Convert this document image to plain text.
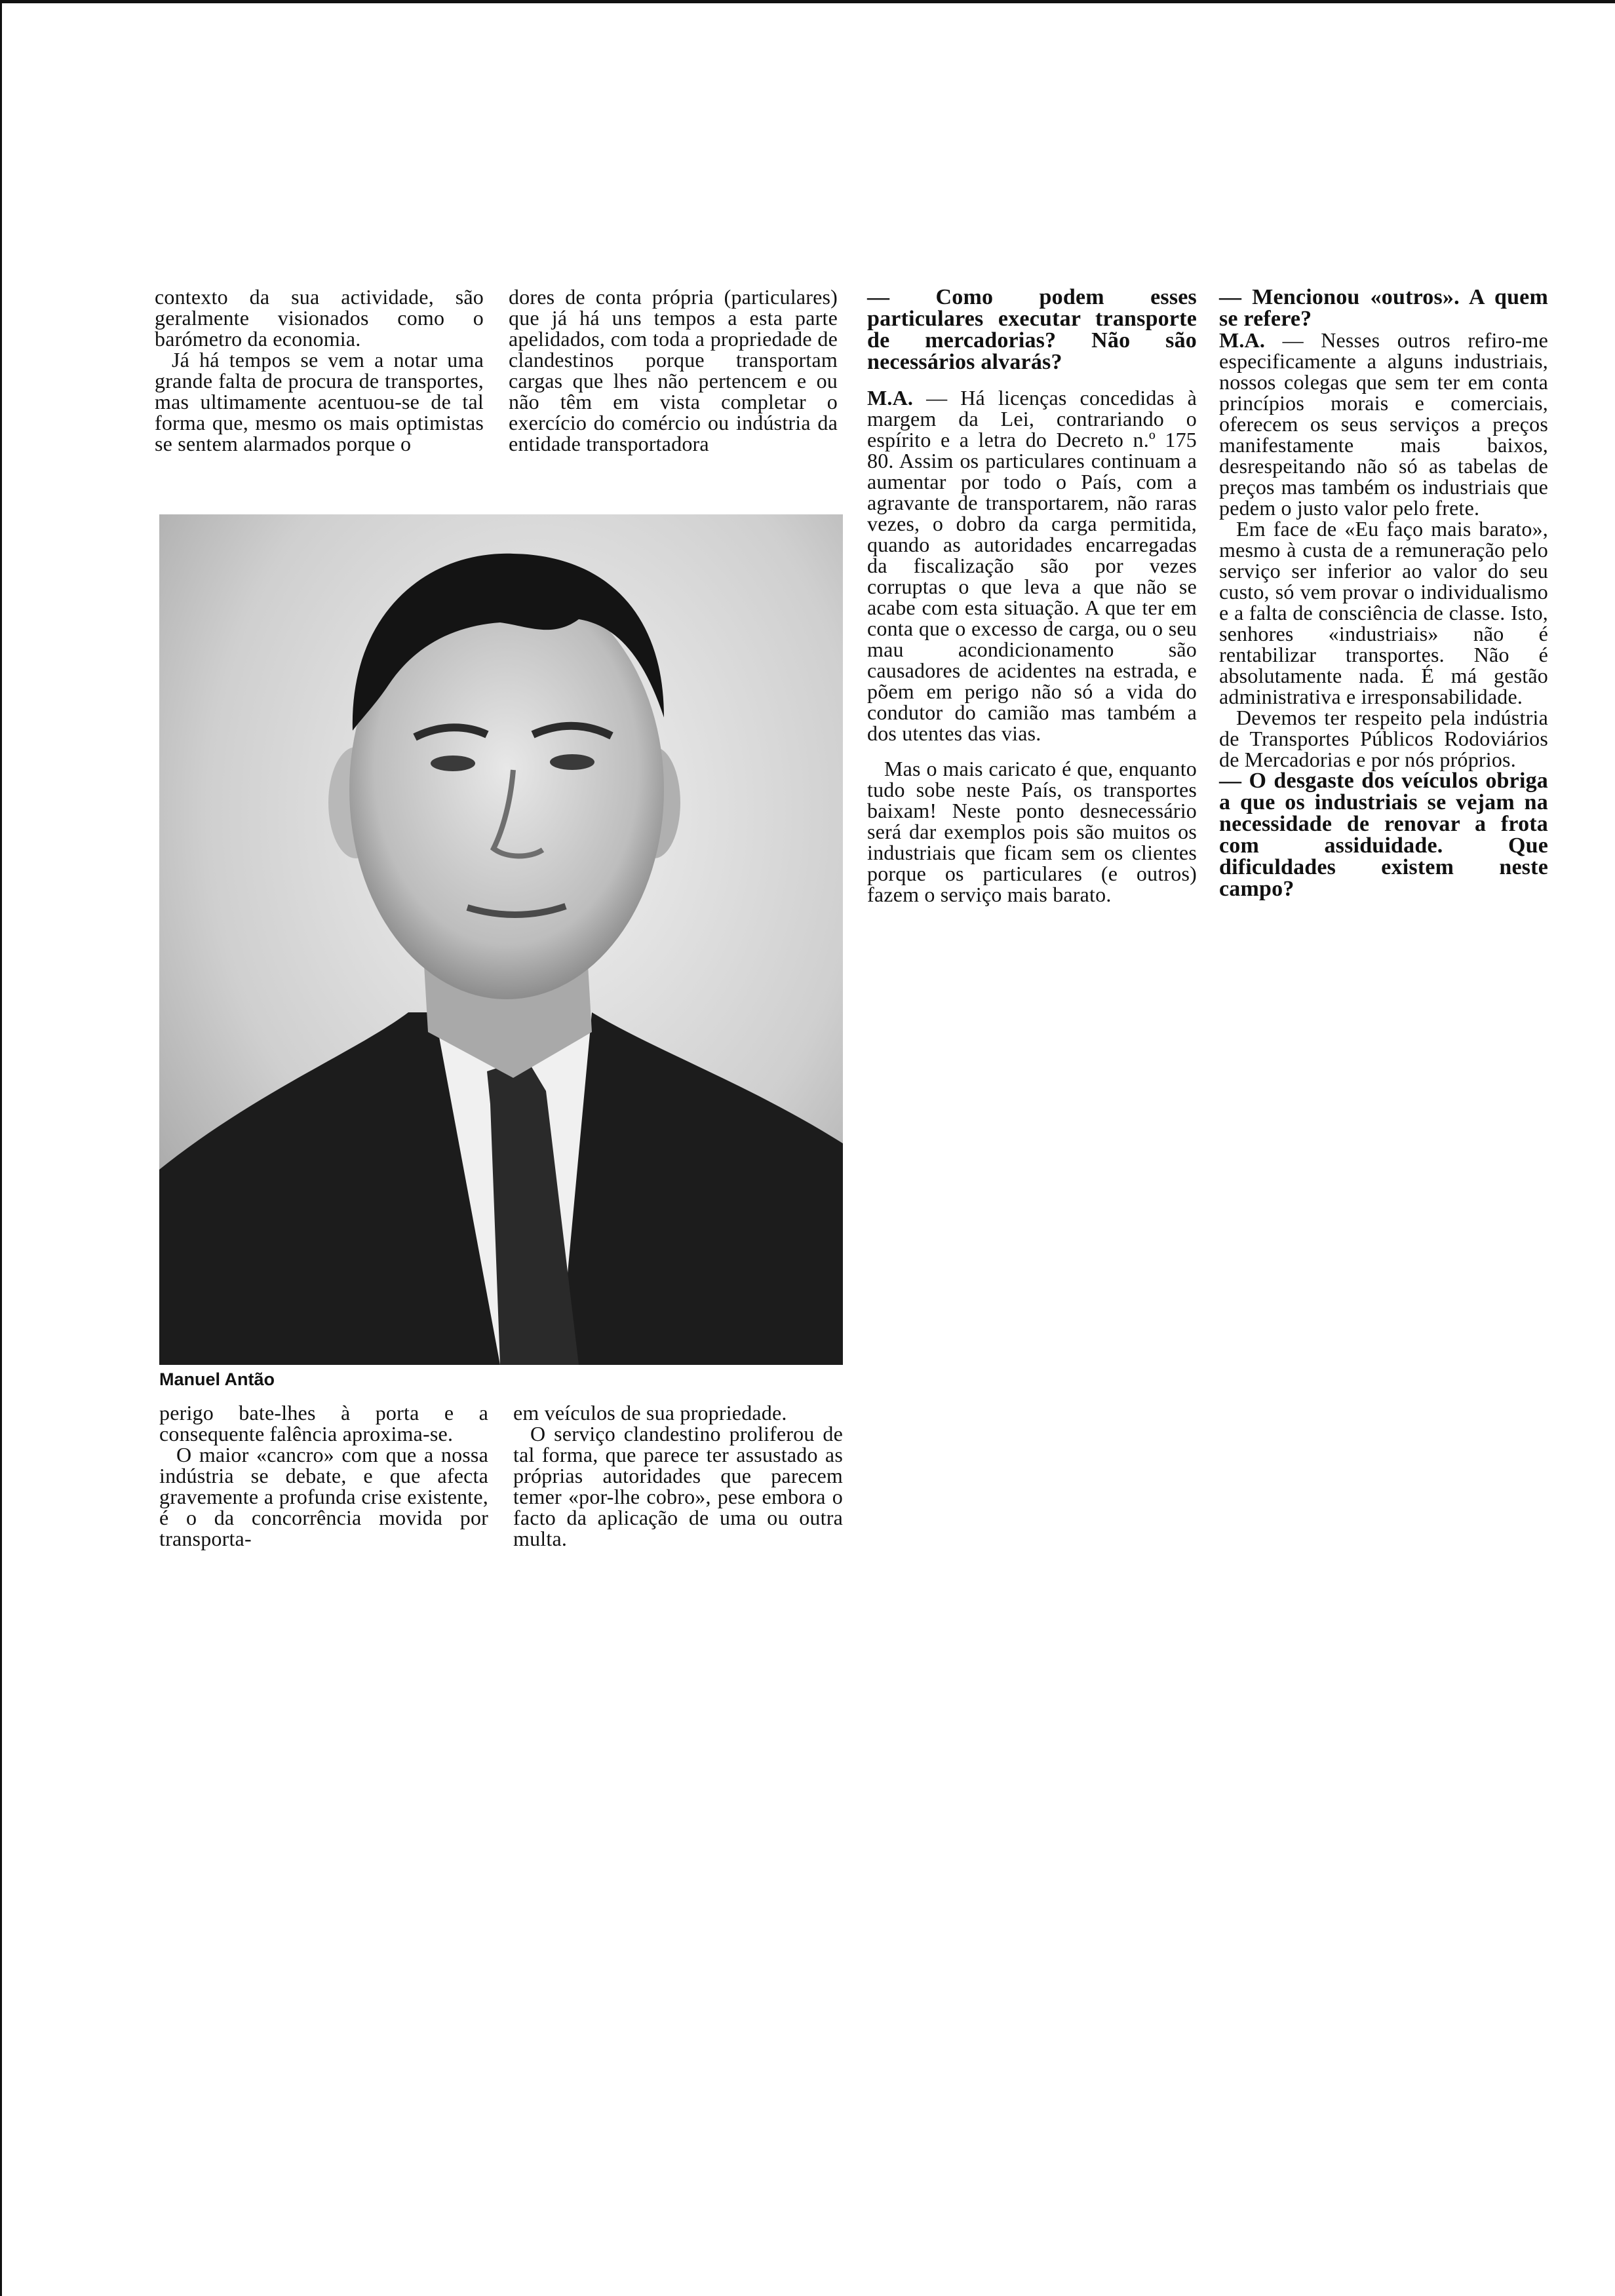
contexto da sua actividade, são geralmente visionados como o barómetro da economia.

Já há tempos se vem a notar uma grande falta de procura de transportes, mas ultimamente acentuou-se de tal forma que, mesmo os mais optimistas se sentem alarmados porque o

dores de conta própria (particulares) que já há uns tempos a esta parte apelidados, com toda a propriedade de clandestinos porque transportam cargas que lhes não pertencem e ou não têm em vista completar o exercício do comércio ou indústria da entidade transportadora

— Como podem esses particulares executar transporte de mercadorias? Não são necessários alvarás?

M.A. — Há licenças concedidas à margem da Lei, contrariando o espírito e a letra do Decreto n.º 175 80. Assim os particulares continuam a aumentar por todo o País, com a agravante de transportarem, não raras vezes, o dobro da carga permitida, quando as autoridades encarregadas da fiscalização são por vezes corruptas o que leva a que não se acabe com esta situação. A que ter em conta que o excesso de carga, ou o seu mau acondicionamento são causadores de acidentes na estrada, e põem em perigo não só a vida do condutor do camião mas também a dos utentes das vias.

Mas o mais caricato é que, enquanto tudo sobe neste País, os transportes baixam! Neste ponto desnecessário será dar exemplos pois são muitos os industriais que ficam sem os clientes porque os particulares (e outros) fazem o serviço mais barato.

— Mencionou «outros». A quem se refere?

M.A. — Nesses outros refiro-me especificamente a alguns industriais, nossos colegas que sem ter em conta princípios morais e comerciais, oferecem os seus serviços a preços manifestamente mais baixos, desrespeitando não só as tabelas de preços mas também os industriais que pedem o justo valor pelo frete.

Em face de «Eu faço mais barato», mesmo à custa de a remuneração pelo serviço ser inferior ao valor do seu custo, só vem provar o individualismo e a falta de consciência de classe. Isto, senhores «industriais» não é rentabilizar transportes. Não é absolutamente nada. É má gestão administrativa e irresponsabilidade.

Devemos ter respeito pela indústria de Transportes Públicos Rodoviários de Mercadorias e por nós próprios.

— O desgaste dos veículos obriga a que os industriais se vejam na necessidade de renovar a frota com assiduidade. Que dificuldades existem neste campo?

Manuel Antão

perigo bate-lhes à porta e a consequente falência aproxima-se.

O maior «cancro» com que a nossa indústria se debate, e que afecta gravemente a profunda crise existente, é o da concorrência movida por transporta-

em veículos de sua propriedade.

O serviço clandestino proliferou de tal forma, que parece ter assustado as próprias autoridades que parecem temer «por-lhe cobro», pese embora o facto da aplicação de uma ou outra multa.
